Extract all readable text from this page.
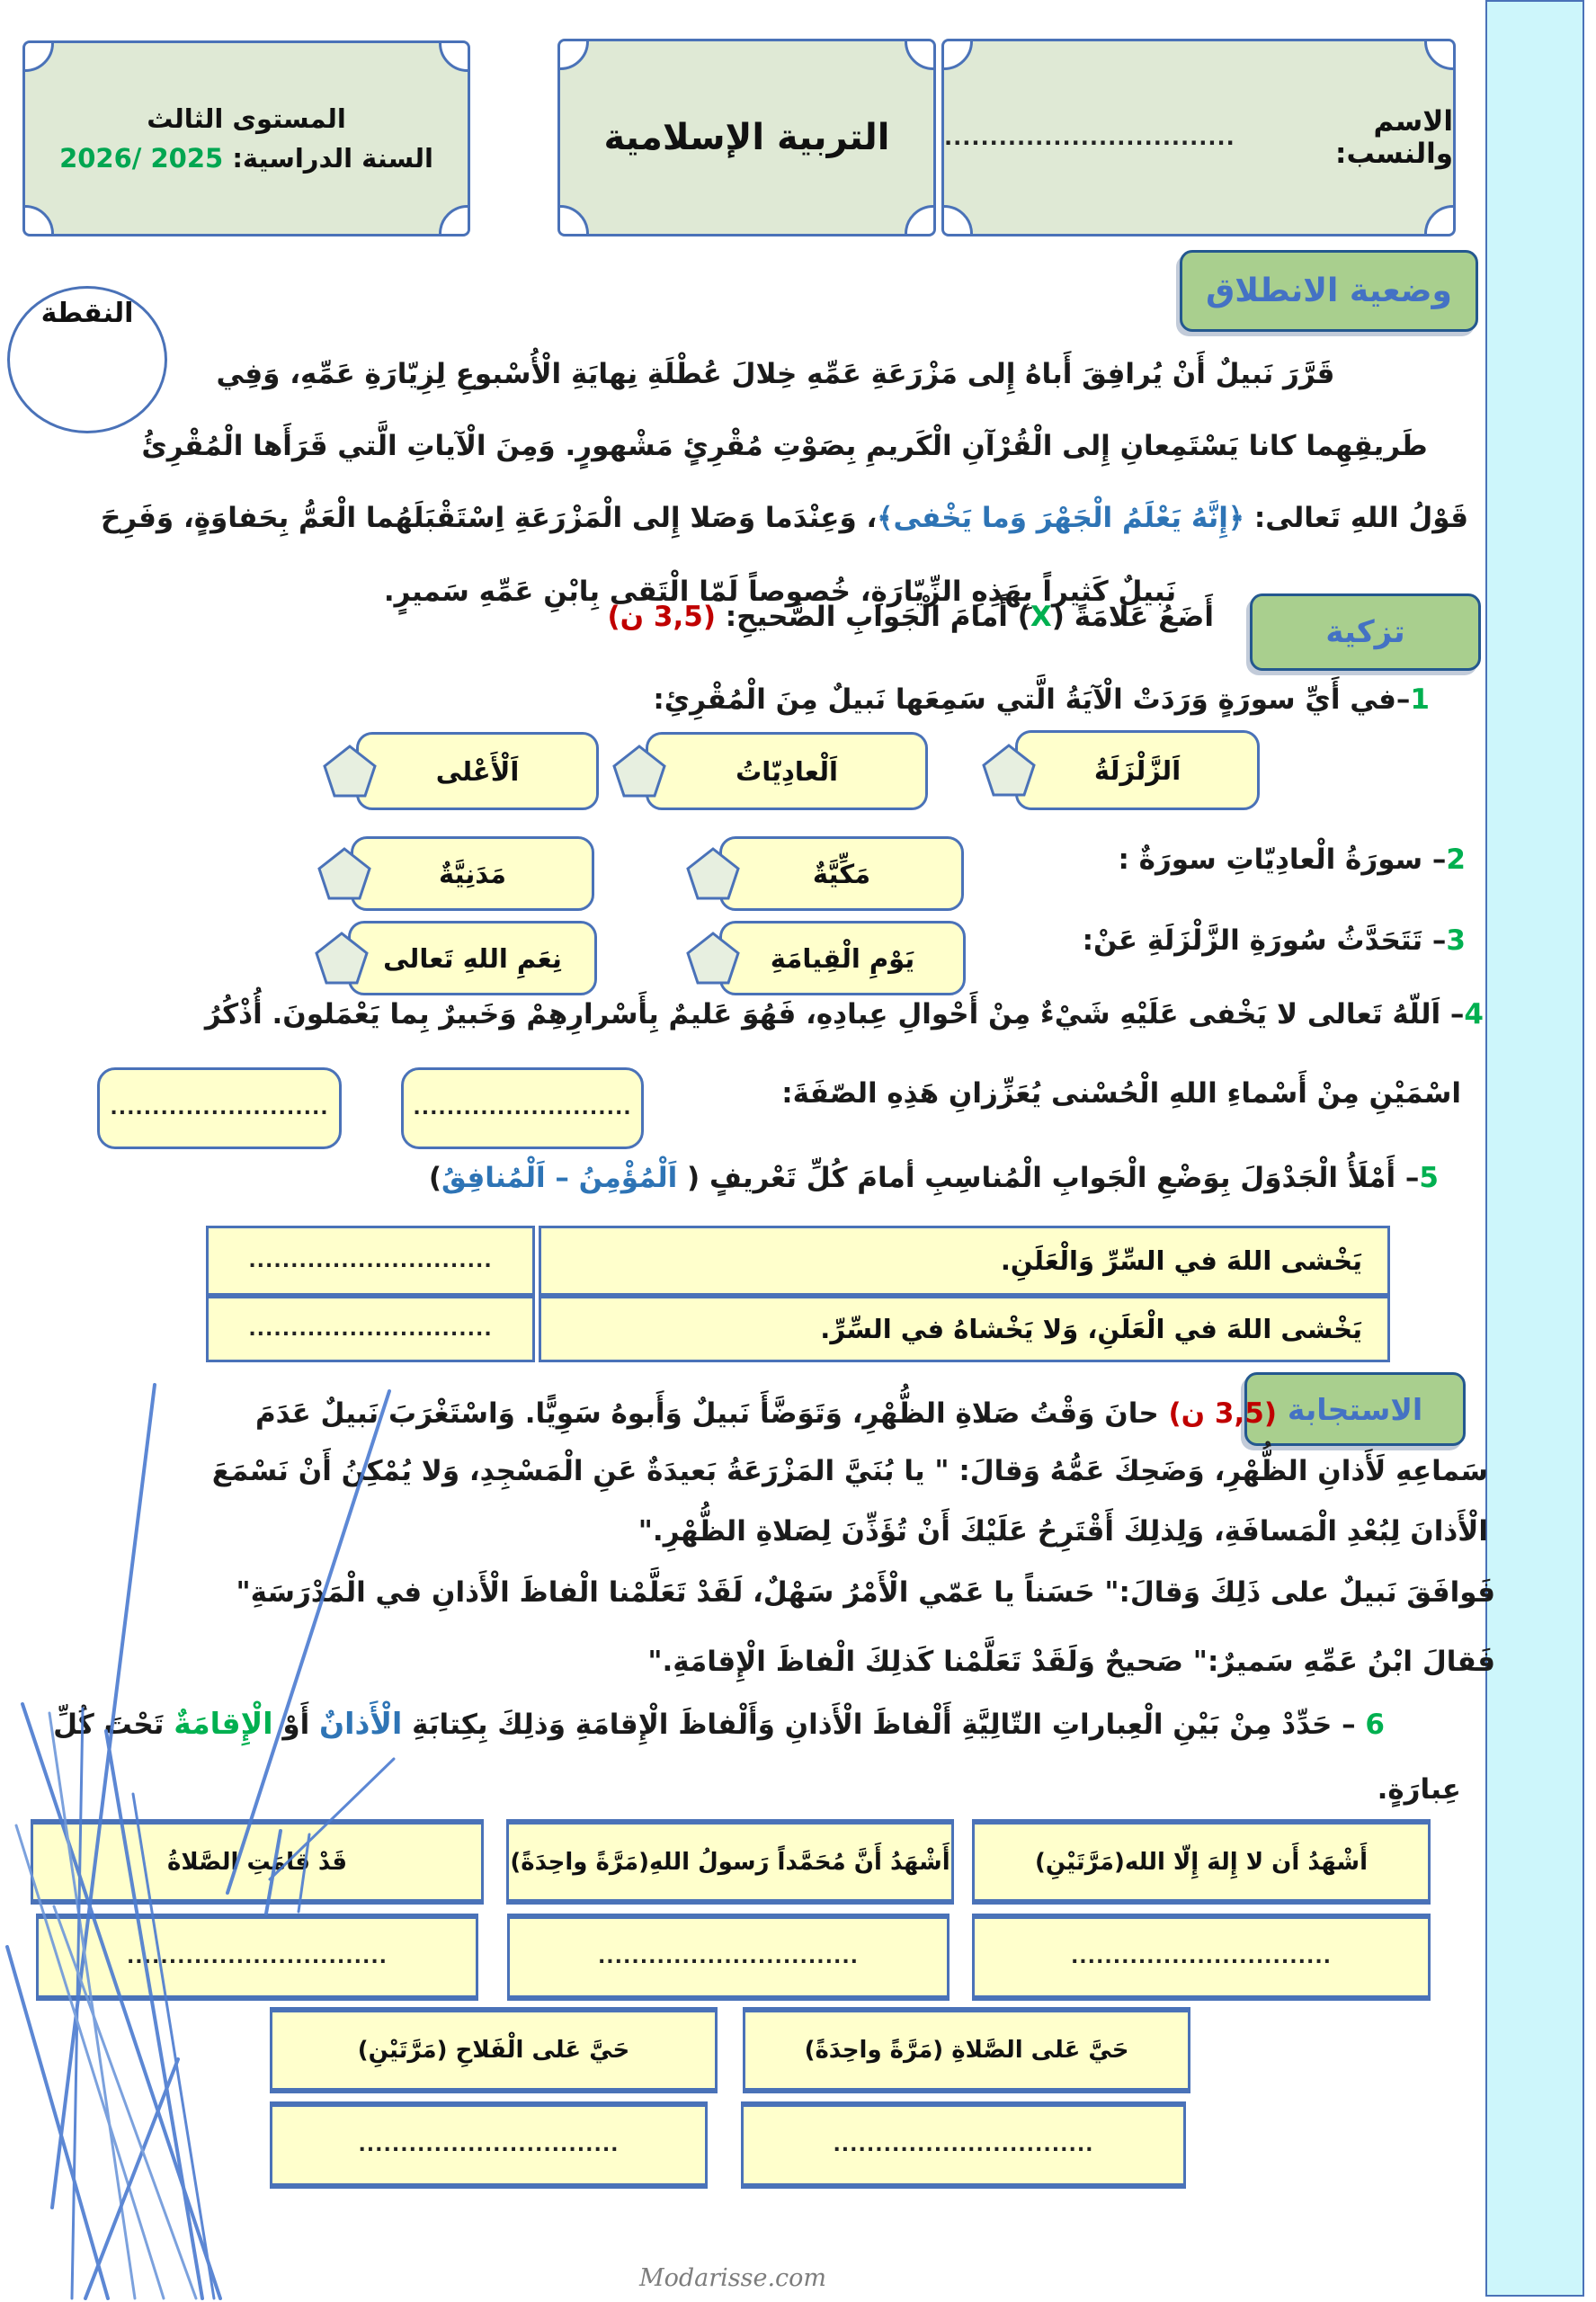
المستوى الثالث
السنة الدراسية: 2026/ 2025	التربية الإسلامية	الاسم والنسب:
................................
النقطة
وضعية الانطلاق
قَرَّرَ نَبيلٌ أَنْ يُرافِقَ أَباهُ إِلى مَزْرَعَةِ عَمِّهِ خِلالَ عُطْلَةِ نِهايَةِ الْأُسْبوعِ لِزِيّارَةِ عَمِّهِ، وَفِي
طَريقِهِما كانا يَسْتَمِعانِ إِلى الْقُرْآنِ الْكَريمِ بِصَوْتِ مُقْرِئٍ مَشْهورٍ. وَمِنَ الْآياتِ الَّتي قَرَأَها الْمُقْرِئُ
قَوْلُ اللهِ تَعالى: ﴿إِنَّهُ يَعْلَمُ الْجَهْرَ وَما يَخْفى﴾، وَعِنْدَما وَصَلا إِلى الْمَزْرَعَةِ اِسْتَقْبَلَهُما الْعَمُّ بِحَفاوَةٍ، وَفَرِحَ
نَبيلٌ كَثيراً بِهَذِهِ الزِّيّارَةِ، خُصوصاً لَمّا الْتَقى بِابْنِ عَمِّهِ سَميرٍ.
تزكية
أَضَعُ عَلامَةً (X) أَمامَ الْجَوابِ الصَّحيحِ: (3,5 ن)
1–في أَيِّ سورَةٍ وَرَدَتْ الْآيَةُ الَّتي سَمِعَها نَبيلٌ مِنَ الْمُقْرِئِ:
اَلزَّلْزَلَةُ
اَلْعادِيّاتُ
اَلْأَعْلى
2– سورَةُ الْعادِيّاتِ سورَةٌ :
مَكِّيَّةٌ
مَدَنِيَّةٌ
3– تَتَحَدَّثُ سُورَةِ الزَّلْزَلَةِ عَنْ:
يَوْمِ الْقِيامَةِ
نِعَمِ اللهِ تَعالى
4– اَللّهُ تَعالى لا يَخْفى عَلَيْهِ شَيْءٌ مِنْ أَحْوالِ عِبادِهِ، فَهُوَ عَليمٌ بِأَسْرارِهِمْ وَخَبيرٌ بِما يَعْمَلونَ. أُذْكُرُ
اسْمَيْنِ مِنْ أَسْماءِ اللهِ الْحُسْنى يُعَزِّزانِ هَذِهِ الصّفَةَ:
..........................
..........................
5– أَمْلَأُ الْجَدْوَلَ بِوَضْعِ الْجَوابِ الْمُناسِبِ أمامَ كُلِّ تَعْريفٍ ( اَلْمُؤْمِنُ – اَلْمُنافِقُ)
يَخْشى اللهَ في السِّرِّ وَالْعَلَنِ.
.............................
يَخْشى اللهَ في الْعَلَنِ، وَلا يَخْشاهُ في السِّرِّ.
.............................
الاستجابة
(3,5 ن) حانَ وَقْتُ صَلاةِ الظُّهْرِ، وَتَوَضَّأَ نَبيلٌ وَأَبوهُ سَوِيًّا. وَاسْتَغْرَبَ نَبيلٌ عَدَمَ
سَماعِهِ لَأَذانِ الظُّهْرِ، وَضَحِكَ عَمُّهُ وَقالَ: " يا بُنَيَّ المَزْرَعَةُ بَعيدَةٌ عَنِ الْمَسْجِدِ، وَلا يُمْكِنُ أَنْ نَسْمَعَ
الْأَذانَ لِبُعْدِ الْمَسافَةِ، وَلِذلِكَ أَقْتَرِحُ عَلَيْكَ أَنْ تُؤَذِّنَ لِصَلاةِ الظُّهْرِ."
فَوافَقَ نَبيلٌ على ذَلِكَ وَقالَ:" حَسَناً يا عَمّي الْأَمْرُ سَهْلٌ، لَقَدْ تَعَلَّمْنا الْفاظَ الْأَذانِ في الْمَدْرَسَةِ"
فَقالَ ابْنُ عَمِّهِ سَميرٌ:" صَحيحٌ وَلَقَدْ تَعَلَّمْنا كَذلِكَ الْفاظَ الْإِقامَةِ."
6 – حَدِّدْ مِنْ بَيْنِ الْعِباراتِ التّالِيَّةِ أَلْفاظَ الْأَذانِ وَأَلْفاظَ الْإِقامَةِ وَذلِكَ بِكِتابَةِ الْأَذانٌ أَوْ الْإِقامَةٌ تَحْتَ كُلِّ
عِبارَةٍ.
أَشْهَدُ أَن لا إِلهَ إِلّا الله(مَرَّتَيْنِ)
أَشْهَدُ أَنَّ مُحَمَّداً رَسولُ اللهِ(مَرَّةً واحِدَةً)
قَدْ قامَتِ الصَّلاةُ
...............................
...............................
...............................
حَيَّ عَلى الصَّلاةِ (مَرَّةً واحِدَةً)
حَيَّ عَلى الْفَلاحِ (مَرَّتَيْنِ)
...............................
...............................
Modarisse.com
